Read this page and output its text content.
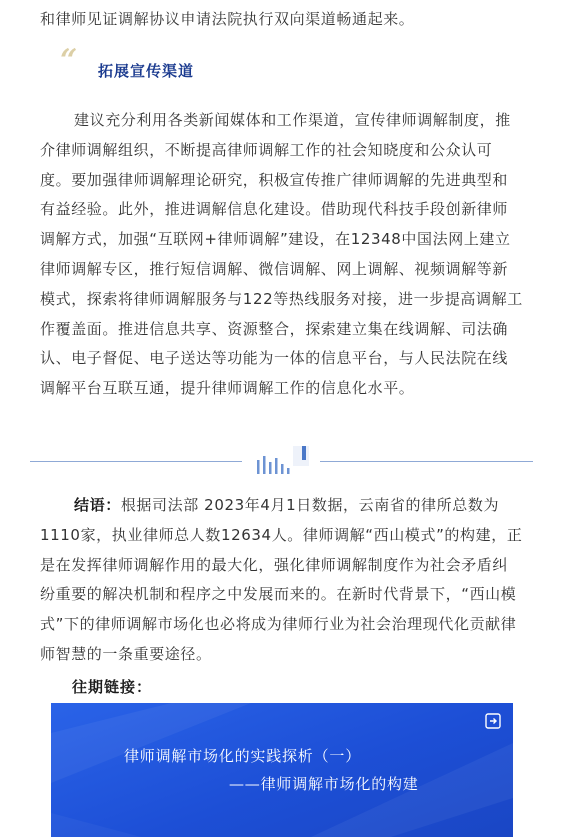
和律师见证调解协议申请法院执行双向渠道畅通起来。
“ 拓展宣传渠道

建议充分利用各类新闻媒体和工作渠道，宣传律师调解制度，推介律师调解组织，不断提高律师调解工作的社会知晓度和公众认可度。要加强律师调解理论研究，积极宣传推广律师调解的先进典型和有益经验。此外，推进调解信息化建设。借助现代科技手段创新律师调解方式，加强“互联网+律师调解”建设，在12348中国法网上建立律师调解专区，推行短信调解、微信调解、网上调解、视频调解等新模式，探索将律师调解服务与122等热线服务对接，进一步提高调解工作覆盖面。推进信息共享、资源整合，探索建立集在线调解、司法确认、电子督促、电子送达等功能为一体的信息平台，与人民法院在线调解平台互联互通，提升律师调解工作的信息化水平。

结语：根据司法部 2023年4月1日数据，云南省的律所总数为1110家，执业律师总人数12634人。律师调解“西山模式”的构建，正是在发挥律师调解作用的最大化，强化律师调解制度作为社会矛盾纠纷重要的解决机制和程序之中发展而来的。在新时代背景下，“西山模式”下的律师调解市场化也必将成为律师行业为社会治理现代化贡献律师智慧的一条重要途径。

往期链接：
律师调解市场化的实践探析（一）
——律师调解市场化的构建
